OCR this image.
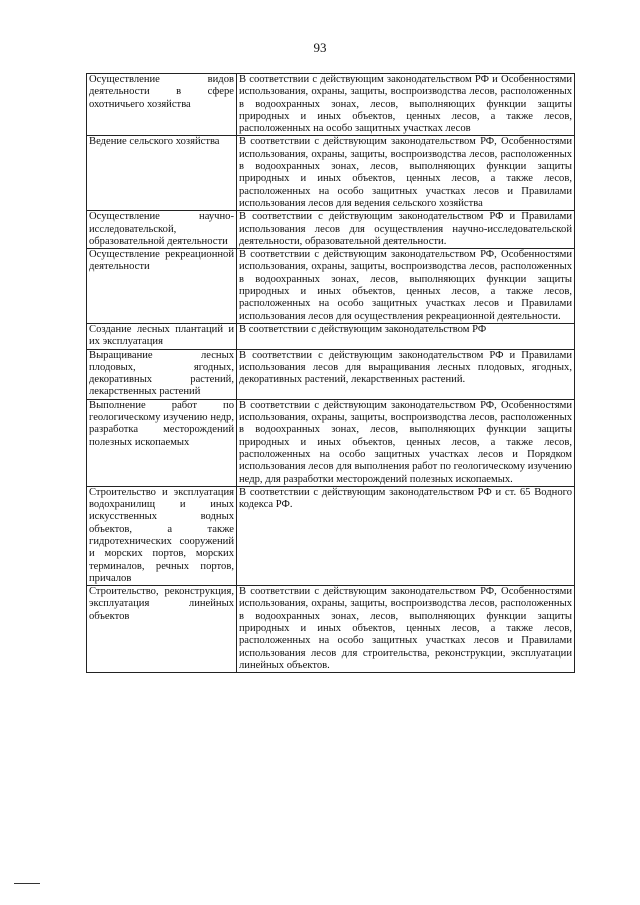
93
Осуществление видов деятельности в сфере охотничьего хозяйства	В соответствии с действующим законодательством РФ и Особенностями использования, охраны, защиты, воспроизводства лесов, расположенных в водоохранных зонах, лесов, выполняющих функции защиты природных и иных объектов, ценных лесов, а также лесов, расположенных на особо защитных участках лесов
Ведение сельского хозяйства	В соответствии с действующим законодательством РФ, Особенностями использования, охраны, защиты, воспроизводства лесов, расположенных в водоохранных зонах, лесов, выполняющих функции защиты природных и иных объектов, ценных лесов, а также лесов, расположенных на особо защитных участках лесов и Правилами использования лесов для ведения сельского хозяйства
Осуществление научно-исследовательской, образовательной деятельности	В соответствии с действующим законодательством РФ и Правилами использования лесов для осуществления научно-исследовательской деятельности, образовательной деятельности.
Осуществление рекреационной деятельности	В соответствии с действующим законодательством РФ, Особенностями использования, охраны, защиты, воспроизводства лесов, расположенных в водоохранных зонах, лесов, выполняющих функции защиты природных и иных объектов, ценных лесов, а также лесов, расположенных на особо защитных участках лесов и Правилами использования лесов для осуществления рекреационной деятельности.
Создание лесных плантаций и их эксплуатация	В соответствии с действующим законодательством РФ
Выращивание лесных плодовых, ягодных, декоративных растений, лекарственных растений	В соответствии с действующим законодательством РФ и Правилами использования лесов для выращивания лесных плодовых, ягодных, декоративных растений, лекарственных растений.
Выполнение работ по геологическому изучению недр, разработка месторождений полезных ископаемых	В соответствии с действующим законодательством РФ, Особенностями использования, охраны, защиты, воспроизводства лесов, расположенных в водоохранных зонах, лесов, выполняющих функции защиты природных и иных объектов, ценных лесов, а также лесов, расположенных на особо защитных участках лесов и Порядком использования лесов для выполнения работ по геологическому изучению недр, для разработки месторождений полезных ископаемых.
Строительство и эксплуатация водохранилищ и иных искусственных водных объектов, а также гидротехнических сооружений и морских портов, морских терминалов, речных портов, причалов	В соответствии с действующим законодательством РФ и ст. 65 Водного кодекса РФ.
Строительство, реконструкция, эксплуатация линейных объектов	В соответствии с действующим законодательством РФ, Особенностями использования, охраны, защиты, воспроизводства лесов, расположенных в водоохранных зонах, лесов, выполняющих функции защиты природных и иных объектов, ценных лесов, а также лесов, расположенных на особо защитных участках лесов и Правилами использования лесов для строительства, реконструкции, эксплуатации линейных объектов.
